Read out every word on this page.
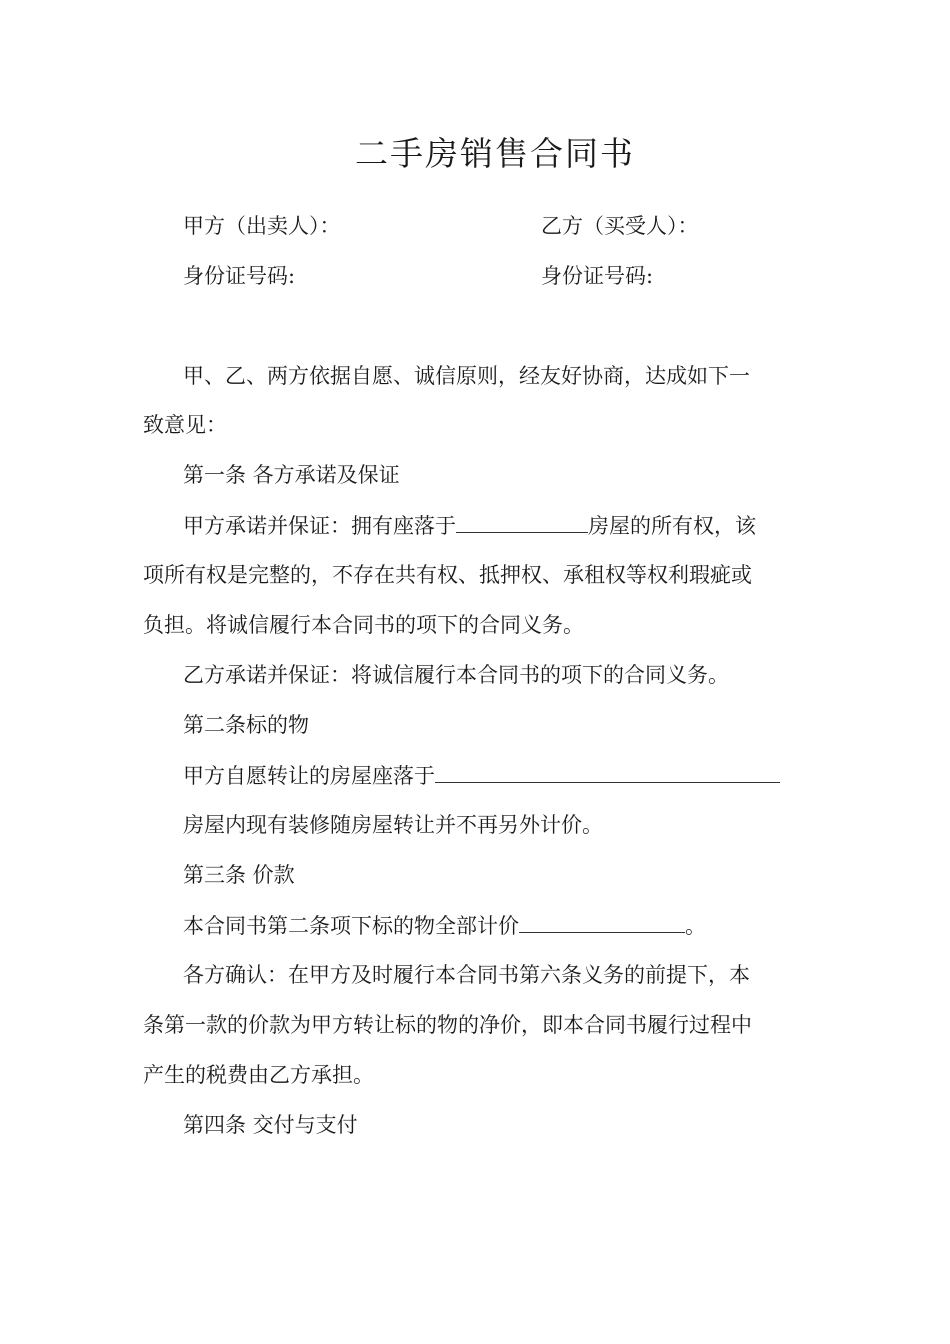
二手房销售合同书
甲方（出卖人）：	乙方（买受人）：
身份证号码:	身份证号码:
甲、乙、两方依据自愿、诚信原则，经友好协商，达成如下一
致意见：
第一条 各方承诺及保证
甲方承诺并保证：拥有座落于	房屋的所有权，该
项所有权是完整的，不存在共有权、抵押权、承租权等权利瑕疵或
负担。将诚信履行本合同书的项下的合同义务。
乙方承诺并保证：将诚信履行本合同书的项下的合同义务。
第二条标的物
甲方自愿转让的房屋座落于
房屋内现有装修随房屋转让并不再另外计价。
第三条 价款
本合同书第二条项下标的物全部计价	。
各方确认：在甲方及时履行本合同书第六条义务的前提下，本
条第一款的价款为甲方转让标的物的净价，即本合同书履行过程中
产生的税费由乙方承担。
第四条 交付与支付
